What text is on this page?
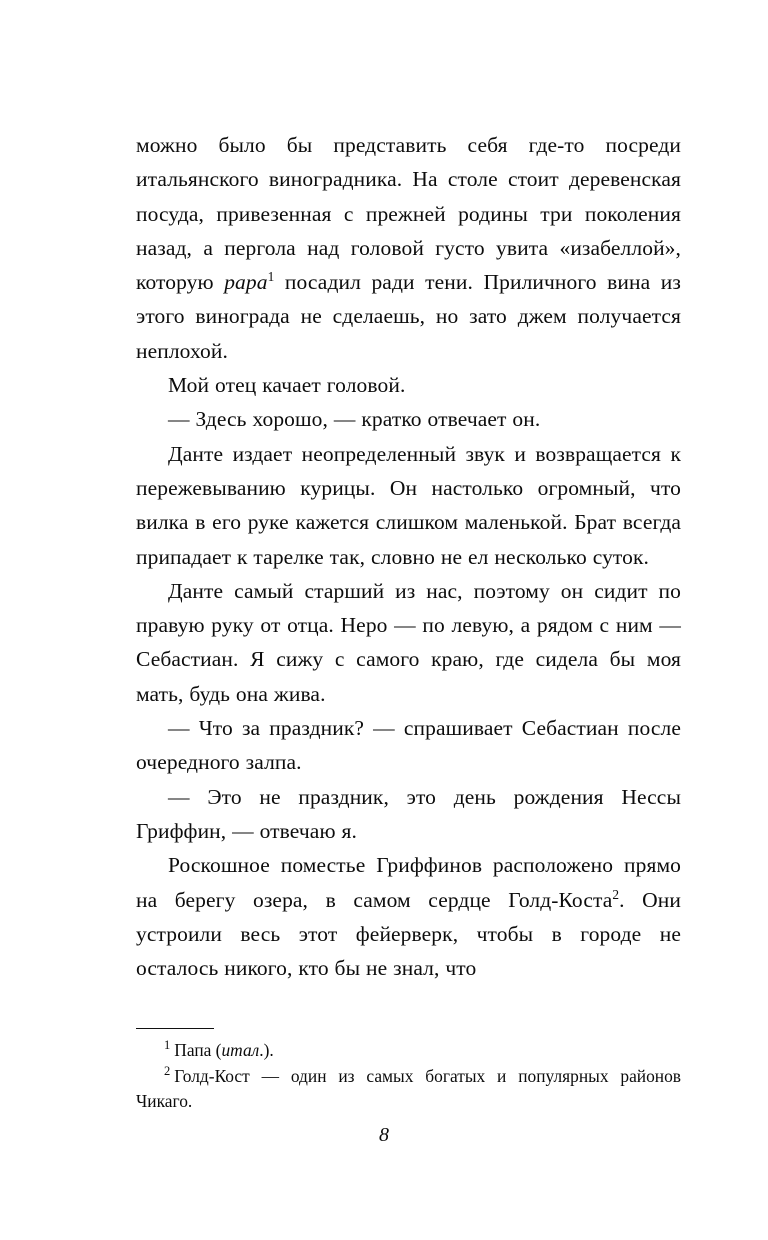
можно было бы представить себя где-то посреди итальянского виноградника. На столе стоит деревенская посуда, привезенная с прежней родины три поколения назад, а пергола над головой густо увита «изабеллой», которую papa$^1$ посадил ради тени. Приличного вина из этого винограда не сделаешь, но зато джем получается неплохой.

Мой отец качает головой.

— Здесь хорошо, — кратко отвечает он.

Данте издает неопределенный звук и возвращается к пережевыванию курицы. Он настолько огромный, что вилка в его руке кажется слишком маленькой. Брат всегда припадает к тарелке так, словно не ел несколько суток.

Данте самый старший из нас, поэтому он сидит по правую руку от отца. Неро — по левую, а рядом с ним — Себастиан. Я сижу с самого краю, где сидела бы моя мать, будь она жива.

— Что за праздник? — спрашивает Себастиан после очередного залпа.

— Это не праздник, это день рождения Нессы Гриффин, — отвечаю я.

Роскошное поместье Гриффинов расположено прямо на берегу озера, в самом сердце Голд-Коста$^2$. Они устроили весь этот фейерверк, чтобы в городе не осталось никого, кто бы не знал, что

$^1$ Папа (итал.).

$^2$ Голд-Кост — один из самых богатых и популярных районов Чикаго.

8
